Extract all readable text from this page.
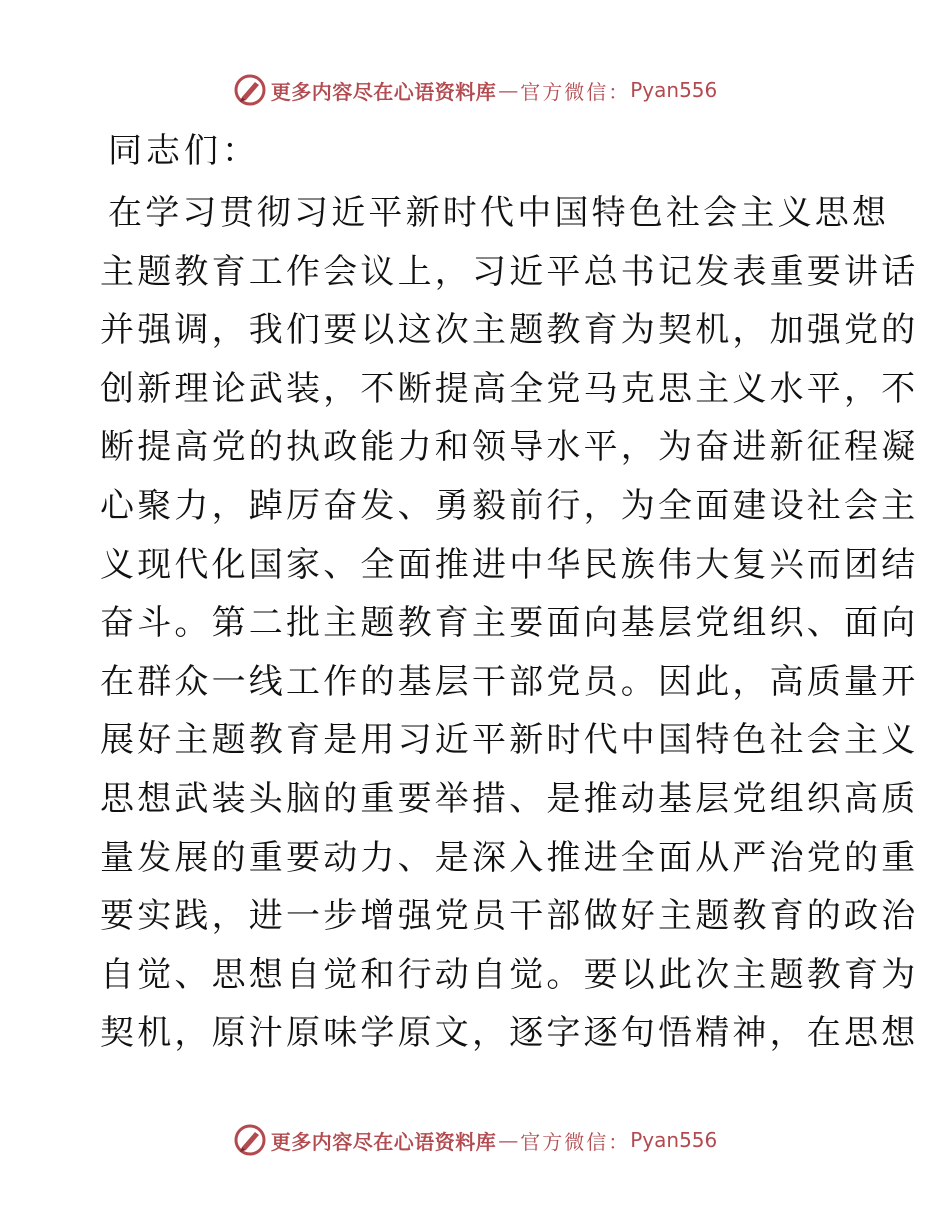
更多内容尽在心语资料库 — 官方微信： Pyan556
同志们：
在学习贯彻习近平新时代中国特色社会主义思想
主题教育工作会议上，习近平总书记发表重要讲话
并强调，我们要以这次主题教育为契机，加强党的
创新理论武装，不断提高全党马克思主义水平，不
断提高党的执政能力和领导水平，为奋进新征程凝
心聚力，踔厉奋发、勇毅前行，为全面建设社会主
义现代化国家、全面推进中华民族伟大复兴而团结
奋斗。第二批主题教育主要面向基层党组织、面向
在群众一线工作的基层干部党员。因此，高质量开
展好主题教育是用习近平新时代中国特色社会主义
思想武装头脑的重要举措、是推动基层党组织高质
量发展的重要动力、是深入推进全面从严治党的重
要实践，进一步增强党员干部做好主题教育的政治
自觉、思想自觉和行动自觉。要以此次主题教育为
契机，原汁原味学原文，逐字逐句悟精神，在思想
更多内容尽在心语资料库 — 官方微信： Pyan556
